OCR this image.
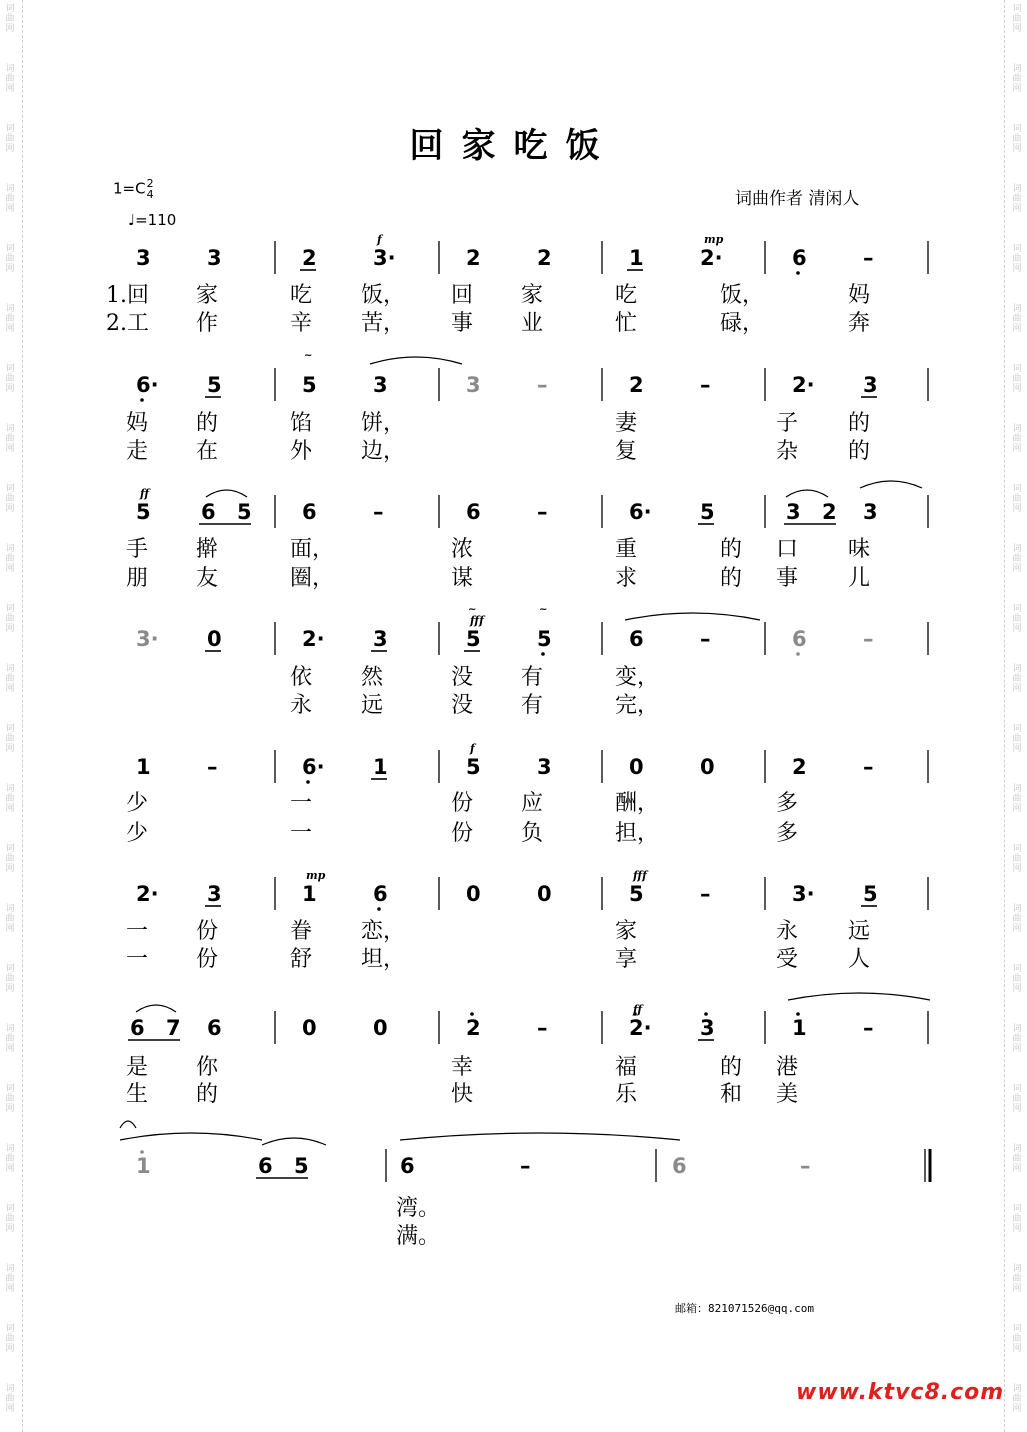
回家吃饭
1=C2
4
♩=110
词曲作者 清闲人
3	3	2	3·
f
2	2	1	2·
mp
6	–
1.回 家	吃 饭， 回 家	吃	饭，	妈
2.工 作	辛 苦， 事 业	忙	碌，	奔
6· 5	5
~
3	3	–	2	–	2· 3
妈 的	馅 饼，	妻	子 的
走 在	外 边，	复	杂 的
5
ff
6 5 6	–	6	–	6· 5	3 2 3
手 擀	面，	浓	重	的 口 味
朋 友	圈，	谋	求	的 事 儿
3· 0	2· 3	5
fff
~
5
~
6	–	6	–
依 然	没 有	变，
永 远	没 有	完，
1	–	6· 1	5
f
3	0	0	2	–
少	一	份 应	酬，	多
少	一	份 负	担，	多
2· 3	1
mp
6	0	0	5
fff
–	3· 5
一 份	眷 恋，	家	永 远
一 份	舒 坦，	享	受 人
6 7 6	0	0	2	–	2·
ff
3	1	–
是 你	幸	福	的 港
生 的	快	乐	和 美
1	6 5	6	–	6	–
湾。
满。
邮箱：821071526@qq.com
www.ktvc8.com
词
曲
网
词
曲
网
词
曲
网
词
曲
网
词
曲
网
词
曲
网
词
曲
网
词
曲
网
词
曲
网
词
曲
网
词
曲
网
词
曲
网
词
曲
网
词
曲
网
词
曲
网
词
曲
网
词
曲
网
词
曲
网
词
曲
网
词
曲
网
词
曲
网
词
曲
网
词
曲
网
词
曲
网
词
曲
网
词
曲
网
词
曲
网
词
曲
网
词
曲
网
词
曲
网
词
曲
网
词
曲
网
词
曲
网
词
曲
网
词
曲
网
词
曲
网
词
曲
网
词
曲
网
词
曲
网
词
曲
网
词
曲
网
词
曲
网
词
曲
网
词
曲
网
词
曲
网
词
曲
网
词
曲
网
词
曲
网
